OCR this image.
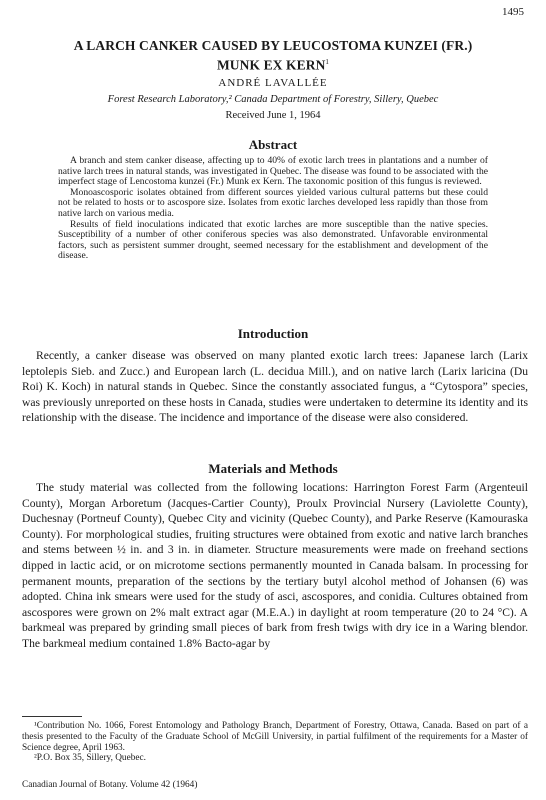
1495
A LARCH CANKER CAUSED BY LEUCOSTOMA KUNZEI (FR.)
MUNK EX KERN$^1$
ANDRÉ LAVALLÉE
Forest Research Laboratory,² Canada Department of Forestry, Sillery, Quebec
Received June 1, 1964
Abstract

A branch and stem canker disease, affecting up to 40% of exotic larch trees in plantations and a number of native larch trees in natural stands, was investigated in Quebec. The disease was found to be associated with the imperfect stage of Lencostoma kunzei (Fr.) Munk ex Kern. The taxonomic position of this fungus is reviewed.

Monoascosporic isolates obtained from different sources yielded various cultural patterns but these could not be related to hosts or to ascospore size. Isolates from exotic larches developed less rapidly than those from native larch on various media.

Results of field inoculations indicated that exotic larches are more susceptible than the native species. Susceptibility of a number of other coniferous species was also demonstrated. Unfavorable environmental factors, such as persistent summer drought, seemed necessary for the establishment and development of the disease.

Introduction

Recently, a canker disease was observed on many planted exotic larch trees: Japanese larch (Larix leptolepis Sieb. and Zucc.) and European larch (L. decidua Mill.), and on native larch (Larix laricina (Du Roi) K. Koch) in natural stands in Quebec. Since the constantly associated fungus, a “Cytospora” species, was previously unreported on these hosts in Canada, studies were undertaken to determine its identity and its relationship with the disease. The incidence and importance of the disease were also considered.

Materials and Methods

The study material was collected from the following locations: Harrington Forest Farm (Argenteuil County), Morgan Arboretum (Jacques-Cartier County), Proulx Provincial Nursery (Laviolette County), Duchesnay (Portneuf County), Quebec City and vicinity (Quebec County), and Parke Reserve (Kamouraska County). For morphological studies, fruiting structures were obtained from exotic and native larch branches and stems between ½ in. and 3 in. in diameter. Structure measurements were made on freehand sections dipped in lactic acid, or on microtome sections permanently mounted in Canada balsam. In processing for permanent mounts, preparation of the sections by the tertiary butyl alcohol method of Johansen (6) was adopted. China ink smears were used for the study of asci, ascospores, and conidia. Cultures obtained from ascospores were grown on 2% malt extract agar (M.E.A.) in daylight at room temperature (20 to 24 °C). A barkmeal was prepared by grinding small pieces of bark from fresh twigs with dry ice in a Waring blendor. The barkmeal medium contained 1.8% Bacto-agar by

¹Contribution No. 1066, Forest Entomology and Pathology Branch, Department of Forestry, Ottawa, Canada. Based on part of a thesis presented to the Faculty of the Graduate School of McGill University, in partial fulfilment of the requirements for a Master of Science degree, April 1963.

²P.O. Box 35, Sillery, Quebec.

Canadian Journal of Botany. Volume 42 (1964)
